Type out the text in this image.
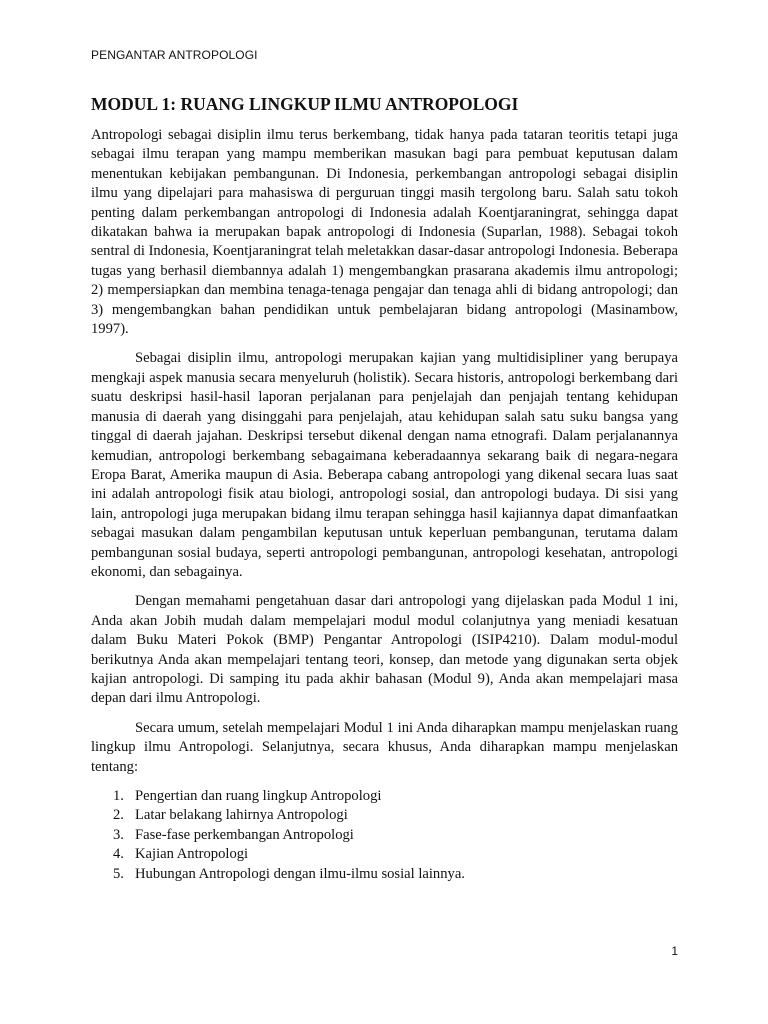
PENGANTAR ANTROPOLOGI
MODUL 1: RUANG LINGKUP ILMU ANTROPOLOGI

Antropologi sebagai disiplin ilmu terus berkembang, tidak hanya pada tataran teoritis tetapi juga sebagai ilmu terapan yang mampu memberikan masukan bagi para pembuat keputusan dalam menentukan kebijakan pembangunan. Di Indonesia, perkembangan antropologi sebagai disiplin ilmu yang dipelajari para mahasiswa di perguruan tinggi masih tergolong baru. Salah satu tokoh penting dalam perkembangan antropologi di Indonesia adalah Koentjaraningrat, sehingga dapat dikatakan bahwa ia merupakan bapak antropologi di Indonesia (Suparlan, 1988). Sebagai tokoh sentral di Indonesia, Koentjaraningrat telah meletakkan dasar-dasar antropologi Indonesia. Beberapa tugas yang berhasil diembannya adalah 1) mengembangkan prasarana akademis ilmu antropologi; 2) mempersiapkan dan membina tenaga-tenaga pengajar dan tenaga ahli di bidang antropologi; dan 3) mengembangkan bahan pendidikan untuk pembelajaran bidang antropologi (Masinambow, 1997).

Sebagai disiplin ilmu, antropologi merupakan kajian yang multidisipliner yang berupaya mengkaji aspek manusia secara menyeluruh (holistik). Secara historis, antropologi berkembang dari suatu deskripsi hasil-hasil laporan perjalanan para penjelajah dan penjajah tentang kehidupan manusia di daerah yang disinggahi para penjelajah, atau kehidupan salah satu suku bangsa yang tinggal di daerah jajahan. Deskripsi tersebut dikenal dengan nama etnografi. Dalam perjalanannya kemudian, antropologi berkembang sebagaimana keberadaannya sekarang baik di negara-negara Eropa Barat, Amerika maupun di Asia. Beberapa cabang antropologi yang dikenal secara luas saat ini adalah antropologi fisik atau biologi, antropologi sosial, dan antropologi budaya. Di sisi yang lain, antropologi juga merupakan bidang ilmu terapan sehingga hasil kajiannya dapat dimanfaatkan sebagai masukan dalam pengambilan keputusan untuk keperluan pembangunan, terutama dalam pembangunan sosial budaya, seperti antropologi pembangunan, antropologi kesehatan, antropologi ekonomi, dan sebagainya.

Dengan memahami pengetahuan dasar dari antropologi yang dijelaskan pada Modul 1 ini, Anda akan Jobih mudah dalam mempelajari modul modul colanjutnya yang meniadi kesatuan dalam Buku Materi Pokok (BMP) Pengantar Antropologi (ISIP4210). Dalam modul-modul berikutnya Anda akan mempelajari tentang teori, konsep, dan metode yang digunakan serta objek kajian antropologi. Di samping itu pada akhir bahasan (Modul 9), Anda akan mempelajari masa depan dari ilmu Antropologi.

Secara umum, setelah mempelajari Modul 1 ini Anda diharapkan mampu menjelaskan ruang lingkup ilmu Antropologi. Selanjutnya, secara khusus, Anda diharapkan mampu menjelaskan tentang:

1. Pengertian dan ruang lingkup Antropologi
2. Latar belakang lahirnya Antropologi
3. Fase-fase perkembangan Antropologi
4. Kajian Antropologi
5. Hubungan Antropologi dengan ilmu-ilmu sosial lainnya.
1
